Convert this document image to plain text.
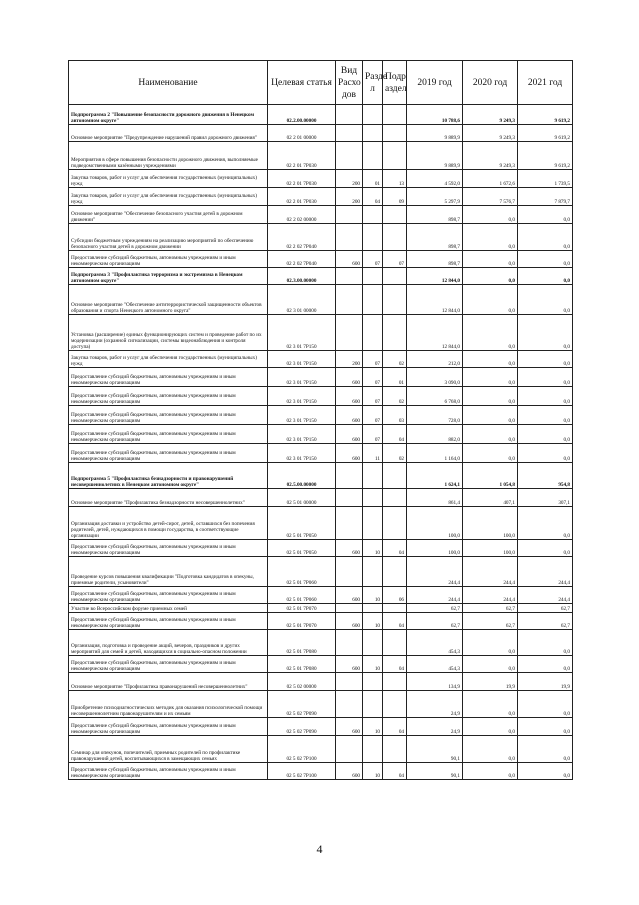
Наименование	Целевая статья	Вид Расхо дов	Разде л	Подр аздел	2019 год	2020 год	2021 год
Подпрограмма 2 "Повышение безопасности дорожного движения в Ненецком автономном округе"	02.2.00.00000				10 788,6	9 249,3	9 619,2
Основное мероприятие "Предупреждение нарушений правил дорожного движения"	02 2 01 00000				9 889,9	9 249,3	9 619,2
Мероприятия в сфере повышения безопасности дорожного движения, выполняемые подведомственными казёнными учреждениями	02 2 01 7P030				9 889,9	9 249,3	9 619,2
Закупка товаров, работ и услуг для обеспечения государственных (муниципальных) нужд	02 2 01 7P030	200	01	13	4 592,0	1 672,6	1 739,5
Закупка товаров, работ и услуг для обеспечения государственных (муниципальных) нужд	02 2 01 7P030	200	04	09	5 297,9	7 576,7	7 879,7
Основное мероприятие "Обеспечение безопасного участия детей в дорожном движении"	02 2 02 00000				898,7	0,0	0,0
Субсидии бюджетным учреждениям на реализацию мероприятий по обеспечению безопасного участия детей в дорожном движении	02 2 02 7P040				898,7	0,0	0,0
Предоставление субсидий бюджетным, автономным учреждениям и иным некоммерческим организациям	02 2 02 7P040	600	07	07	898,7	0,0	0,0
Подпрограмма 3 "Профилактика терроризма и экстремизма в Ненецком автономном округе"	02.3.00.00000				12 844,0	0,0	0,0
Основное мероприятие "Обеспечение антитеррористической защищенности объектов образования и спорта Ненецкого автономного округа"	02 3 01 00000				12 844,0	0,0	0,0
Установка (расширение) единых функционирующих систем и проведение работ по их модернизации (охранной сигнализации, системы видеонаблюдения и контроля доступа)	02 3 01 7P150				12 844,0	0,0	0,0
Закупка товаров, работ и услуг для обеспечения государственных (муниципальных) нужд	02 3 01 7P150	200	07	02	212,0	0,0	0,0
Предоставление субсидий бюджетным, автономным учреждениям и иным некоммерческим организациям	02 3 01 7P150	600	07	01	3 090,0	0,0	0,0
Предоставление субсидий бюджетным, автономным учреждениям и иным некоммерческим организациям	02 3 01 7P150	600	07	02	6 768,0	0,0	0,0
Предоставление субсидий бюджетным, автономным учреждениям и иным некоммерческим организациям	02 3 01 7P150	600	07	03	728,0	0,0	0,0
Предоставление субсидий бюджетным, автономным учреждениям и иным некоммерческим организациям	02 3 01 7P150	600	07	04	882,0	0,0	0,0
Предоставление субсидий бюджетным, автономным учреждениям и иным некоммерческим организациям	02 3 01 7P150	600	11	02	1 164,0	0,0	0,0
Подпрограмма 5 "Профилактика безнадзорности и правонарушений несовершеннолетних в Ненецком автономном округе"	02.5.00.00000				1 624,1	1 054,8	954,8
Основное мероприятие "Профилактика безнадзорности несовершеннолетних"	02 5 01 00000				861,4	407,1	307,1
Организация доставки и устройство детей-сирот, детей, оставшихся без попечения родителей, детей, нуждающихся в помощи государства, в соответствующие организации	02 5 01 7P050				100,0	100,0	0,0
Предоставление субсидий бюджетным, автономным учреждениям и иным некоммерческим организациям	02 5 01 7P050	600	10	04	100,0	100,0	0,0
Проведение курсов повышения квалификации "Подготовка кандидатов в опекуны, приемные родители, усыновители"	02 5 01 7P060				244,4	244,4	244,4
Предоставление субсидий бюджетным, автономным учреждениям и иным некоммерческим организациям	02 5 01 7P060	600	10	06	244,4	244,4	244,4
Участие во Всероссийском форуме приемных семей	02 5 01 7P070				62,7	62,7	62,7
Предоставление субсидий бюджетным, автономным учреждениям и иным некоммерческим организациям	02 5 01 7P070	600	10	04	62,7	62,7	62,7
Организация, подготовка и проведение акций, вечеров, праздников и других мероприятий для семей и детей, находящихся в социально-опасном положении	02 5 01 7P080				454,3	0,0	0,0
Предоставление субсидий бюджетным, автономным учреждениям и иным некоммерческим организациям	02 5 01 7P080	600	10	04	454,3	0,0	0,0
Основное мероприятие "Профилактика правонарушений несовершеннолетних"	02 5 02 00000				134,9	19,9	19,9
Приобретение психодиагностических методик для оказания психологической помощи несовершеннолетним правонарушителям и их семьям	02 5 02 7P090				24,9	0,0	0,0
Предоставление субсидий бюджетным, автономным учреждениям и иным некоммерческим организациям	02 5 02 7P090	600	10	04	24,9	0,0	0,0
Семинар для опекунов, попечителей, приемных родителей по профилактике правонарушений детей, воспитывающихся в замещающих семьях	02 5 02 7P100				90,1	0,0	0,0
Предоставление субсидий бюджетным, автономным учреждениям и иным некоммерческим организациям	02 5 02 7P100	600	10	04	90,1	0,0	0,0
4
